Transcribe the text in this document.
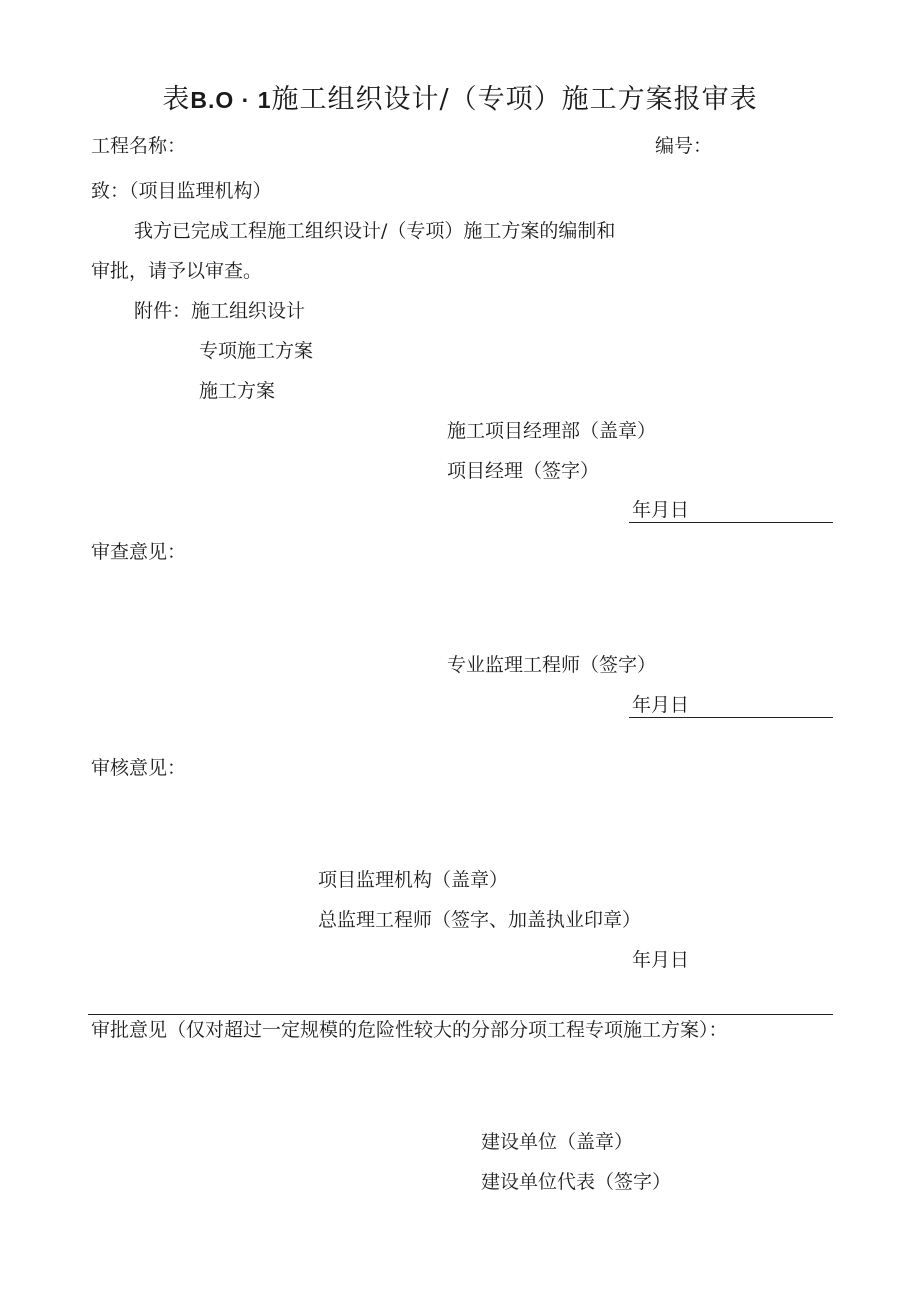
表B.O · 1施工组织设计/（专项）施工方案报审表
工程名称：	编号：
致：（项目监理机构）
我方已完成工程施工组织设计/（专项）施工方案的编制和
审批，请予以审查。
附件：施工组织设计
专项施工方案
施工方案
施工项目经理部（盖章）
项目经理（签字）
年月日
审查意见：
专业监理工程师（签字）
年月日
审核意见：
项目监理机构（盖章）
总监理工程师（签字、加盖执业印章）
年月日
审批意见（仅对超过一定规模的危险性较大的分部分项工程专项施工方案）：
建设单位（盖章）
建设单位代表（签字）
